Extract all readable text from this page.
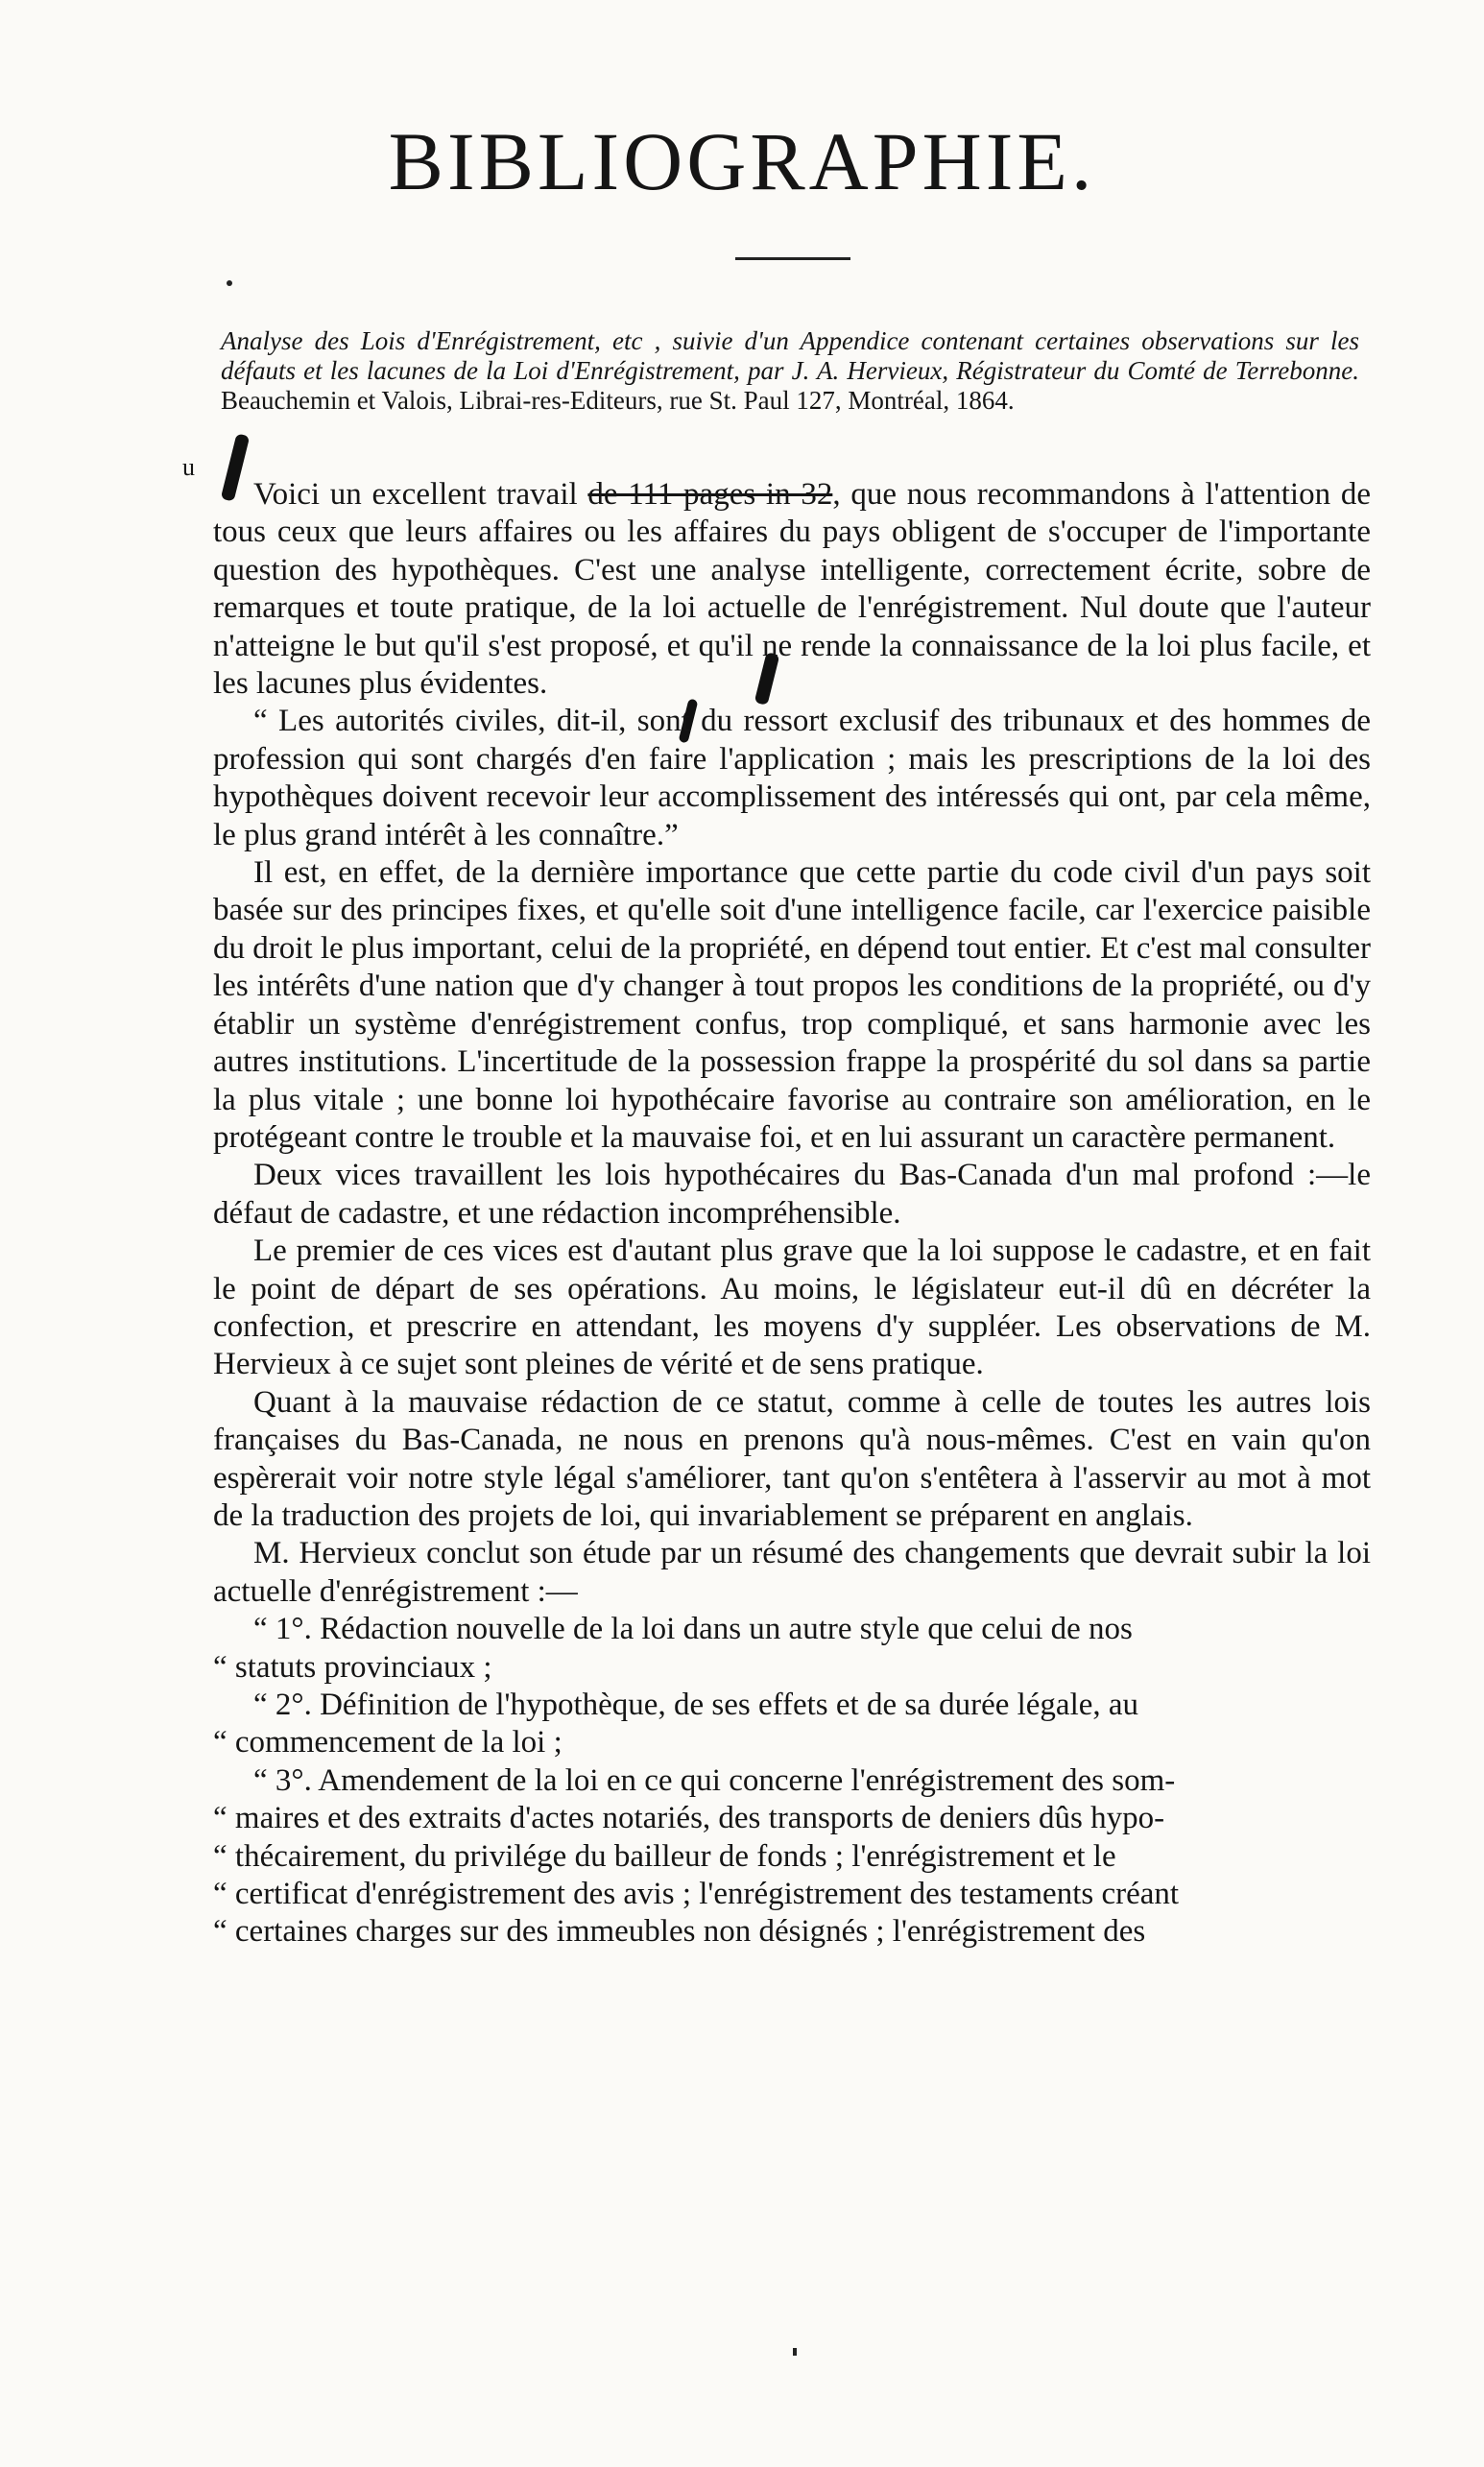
BIBLIOGRAPHIE.
Analyse des Lois d'Enrégistrement, etc , suivie d'un Appendice contenant certaines observations sur les défauts et les lacunes de la Loi d'Enrégistrement, par J. A. Hervieux, Régistrateur du Comté de Terrebonne. Beauchemin et Valois, Librai-res-Editeurs, rue St. Paul 127, Montréal, 1864.
u

Voici un excellent travail de 111 pages in 32, que nous recommandons à l'attention de tous ceux que leurs affaires ou les affaires du pays obligent de s'occuper de l'importante question des hypothèques. C'est une analyse intelligente, correctement écrite, sobre de remarques et toute pratique, de la loi actuelle de l'enrégistrement. Nul doute que l'auteur n'atteigne le but qu'il s'est proposé, et qu'il ne rende la connaissance de la loi plus facile, et les lacunes plus évidentes.

“ Les autorités civiles, dit-il, sont du ressort exclusif des tribunaux et des hommes de profession qui sont chargés d'en faire l'application ; mais les prescriptions de la loi des hypothèques doivent recevoir leur accomplissement des intéressés qui ont, par cela même, le plus grand intérêt à les connaître.”

Il est, en effet, de la dernière importance que cette partie du code civil d'un pays soit basée sur des principes fixes, et qu'elle soit d'une intelligence facile, car l'exercice paisible du droit le plus important, celui de la propriété, en dépend tout entier. Et c'est mal consulter les intérêts d'une nation que d'y changer à tout propos les conditions de la propriété, ou d'y établir un système d'enrégistrement confus, trop compliqué, et sans harmonie avec les autres institutions. L'incertitude de la possession frappe la prospérité du sol dans sa partie la plus vitale ; une bonne loi hypothécaire favorise au contraire son amélioration, en le protégeant contre le trouble et la mauvaise foi, et en lui assurant un caractère permanent.

Deux vices travaillent les lois hypothécaires du Bas-Canada d'un mal profond :—le défaut de cadastre, et une rédaction incompréhensible.

Le premier de ces vices est d'autant plus grave que la loi suppose le cadastre, et en fait le point de départ de ses opérations. Au moins, le législateur eut-il dû en décréter la confection, et prescrire en attendant, les moyens d'y suppléer. Les observations de M. Hervieux à ce sujet sont pleines de vérité et de sens pratique.

Quant à la mauvaise rédaction de ce statut, comme à celle de toutes les autres lois françaises du Bas-Canada, ne nous en prenons qu'à nous-mêmes. C'est en vain qu'on espèrerait voir notre style légal s'améliorer, tant qu'on s'entêtera à l'asservir au mot à mot de la traduction des projets de loi, qui invariablement se préparent en anglais.

M. Hervieux conclut son étude par un résumé des changements que devrait subir la loi actuelle d'enrégistrement :—

“ 1°. Rédaction nouvelle de la loi dans un autre style que celui de nos

“ statuts provinciaux ;

“ 2°. Définition de l'hypothèque, de ses effets et de sa durée légale, au

“ commencement de la loi ;

“ 3°. Amendement de la loi en ce qui concerne l'enrégistrement des som-

“ maires et des extraits d'actes notariés, des transports de deniers dûs hypo-

“ thécairement, du privilége du bailleur de fonds ; l'enrégistrement et le

“ certificat d'enrégistrement des avis ; l'enrégistrement des testaments créant

“ certaines charges sur des immeubles non désignés ; l'enrégistrement des
